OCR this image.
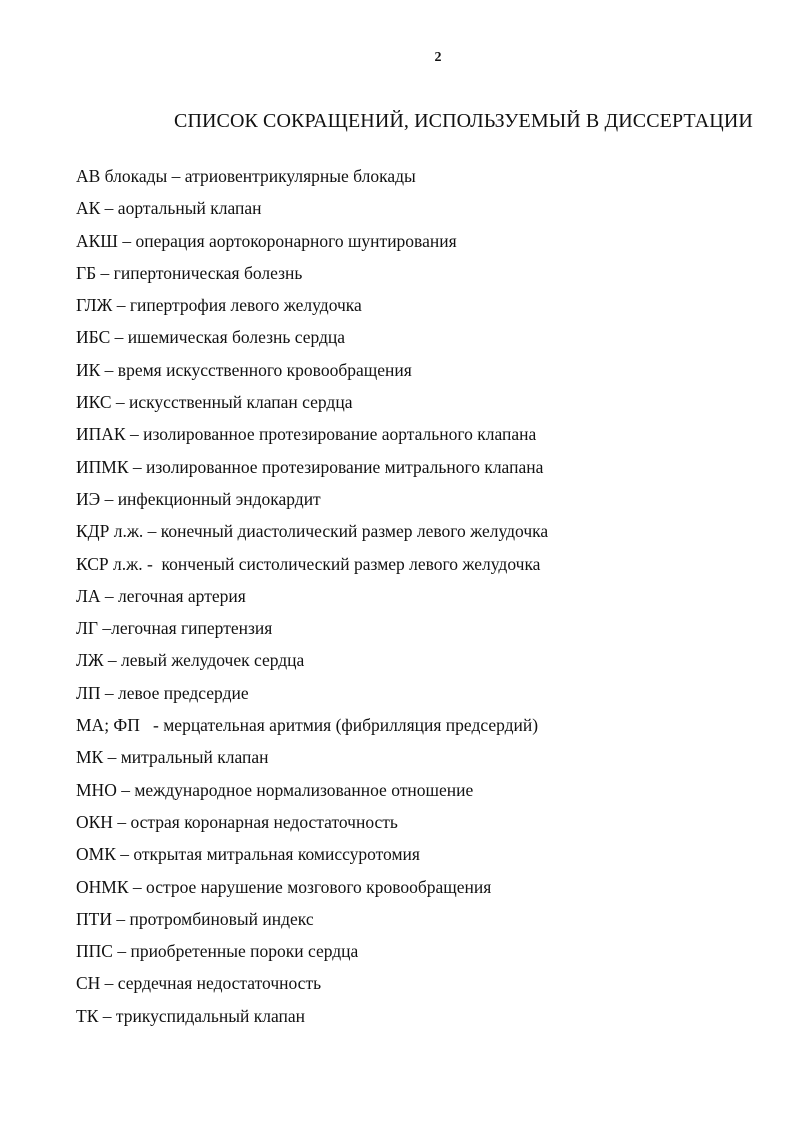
2
СПИСОК СОКРАЩЕНИЙ, ИСПОЛЬЗУЕМЫЙ В ДИССЕРТАЦИИ
АВ блокады – атриовентрикулярные блокады
АК – аортальный клапан
АКШ – операция аортокоронарного шунтирования
ГБ – гипертоническая болезнь
ГЛЖ – гипертрофия левого желудочка
ИБС – ишемическая болезнь сердца
ИК – время искусственного кровообращения
ИКС – искусственный клапан сердца
ИПАК – изолированное протезирование аортального клапана
ИПМК – изолированное протезирование митрального клапана
ИЭ – инфекционный эндокардит
КДР л.ж. – конечный диастолический размер левого желудочка
КСР л.ж. -  конченый систолический размер левого желудочка
ЛА – легочная артерия
ЛГ –легочная гипертензия
ЛЖ – левый желудочек сердца
ЛП – левое предсердие
МА; ФП   - мерцательная аритмия (фибрилляция предсердий)
МК – митральный клапан
МНО – международное нормализованное отношение
ОКН – острая коронарная недостаточность
ОМК – открытая митральная комиссуротомия
ОНМК – острое нарушение мозгового кровообращения
ПТИ – протромбиновый индекс
ППС – приобретенные пороки сердца
СН – сердечная недостаточность
ТК – трикуспидальный клапан
